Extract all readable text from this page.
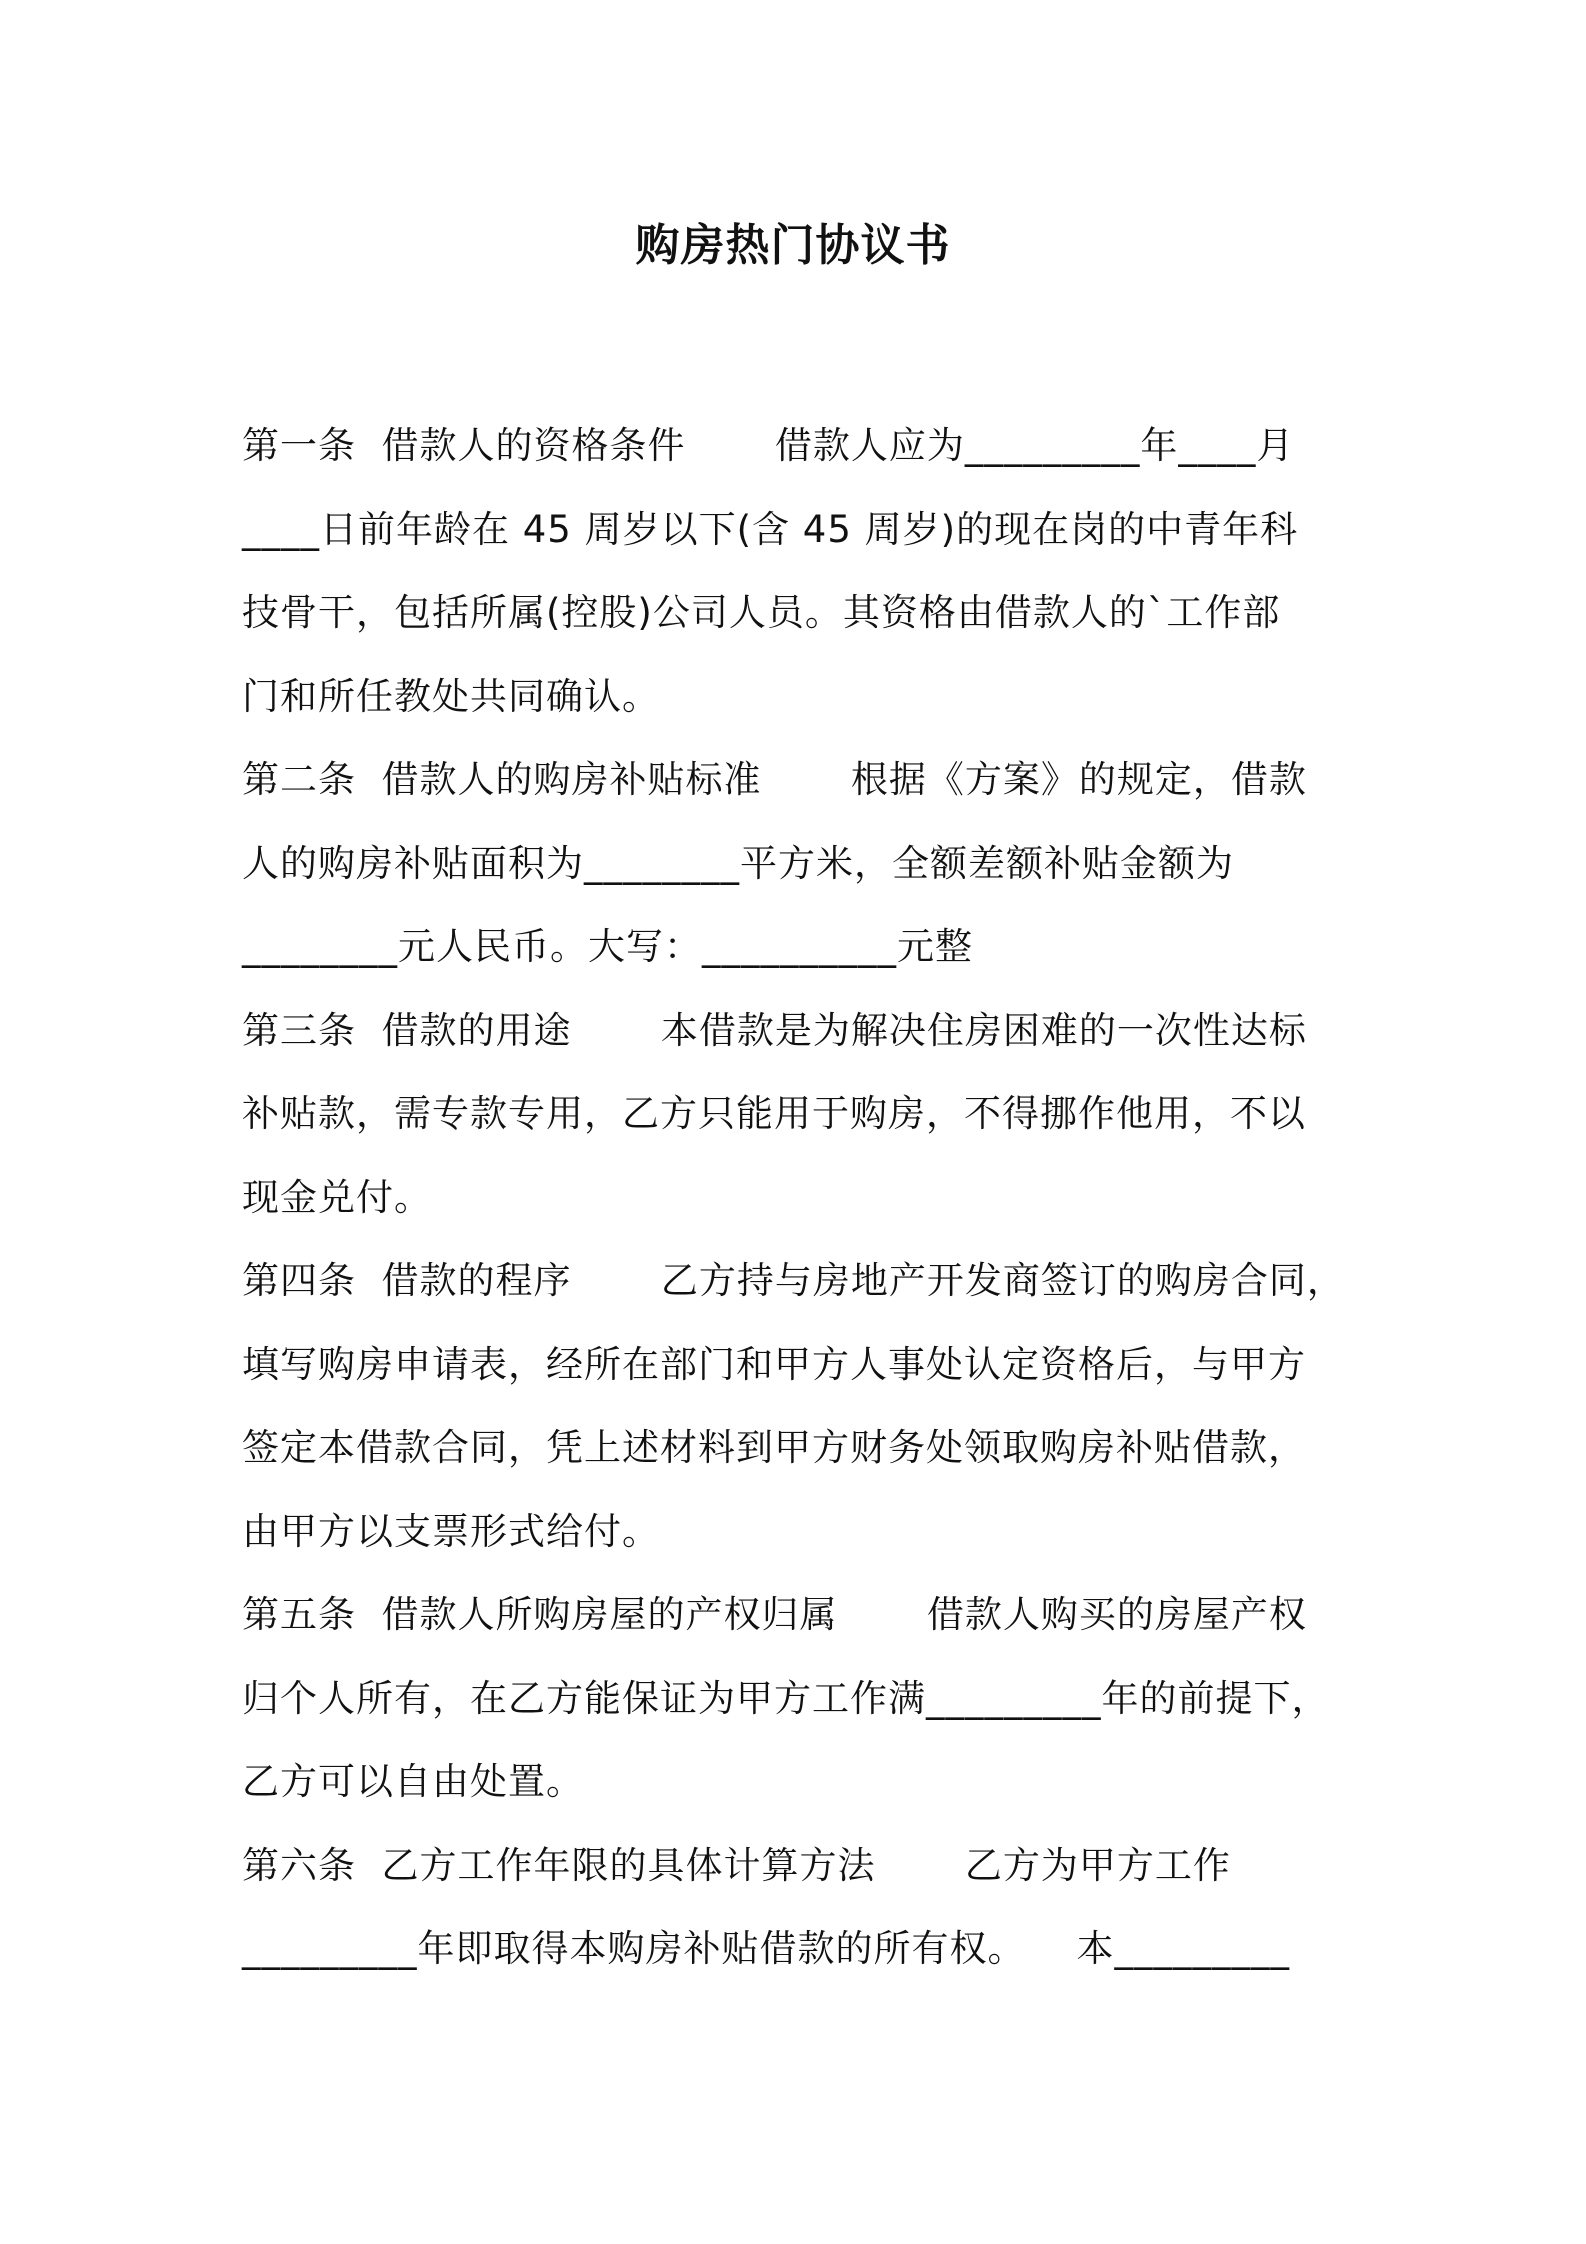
购房热门协议书
第一条  借款人的资格条件       借款人应为_________年____月
____日前年龄在 45 周岁以下(含 45 周岁)的现在岗的中青年科
技骨干，包括所属(控股)公司人员。其资格由借款人的`工作部
门和所任教处共同确认。
第二条  借款人的购房补贴标准       根据《方案》的规定，借款
人的购房补贴面积为________平方米，全额差额补贴金额为
________元人民币。大写：__________元整
第三条  借款的用途       本借款是为解决住房困难的一次性达标
补贴款，需专款专用，乙方只能用于购房，不得挪作他用，不以
现金兑付。
第四条  借款的程序       乙方持与房地产开发商签订的购房合同，
填写购房申请表，经所在部门和甲方人事处认定资格后，与甲方
签定本借款合同，凭上述材料到甲方财务处领取购房补贴借款，
由甲方以支票形式给付。
第五条  借款人所购房屋的产权归属       借款人购买的房屋产权
归个人所有，在乙方能保证为甲方工作满_________年的前提下，
乙方可以自由处置。
第六条  乙方工作年限的具体计算方法       乙方为甲方工作
_________年即取得本购房补贴借款的所有权。    本_________
